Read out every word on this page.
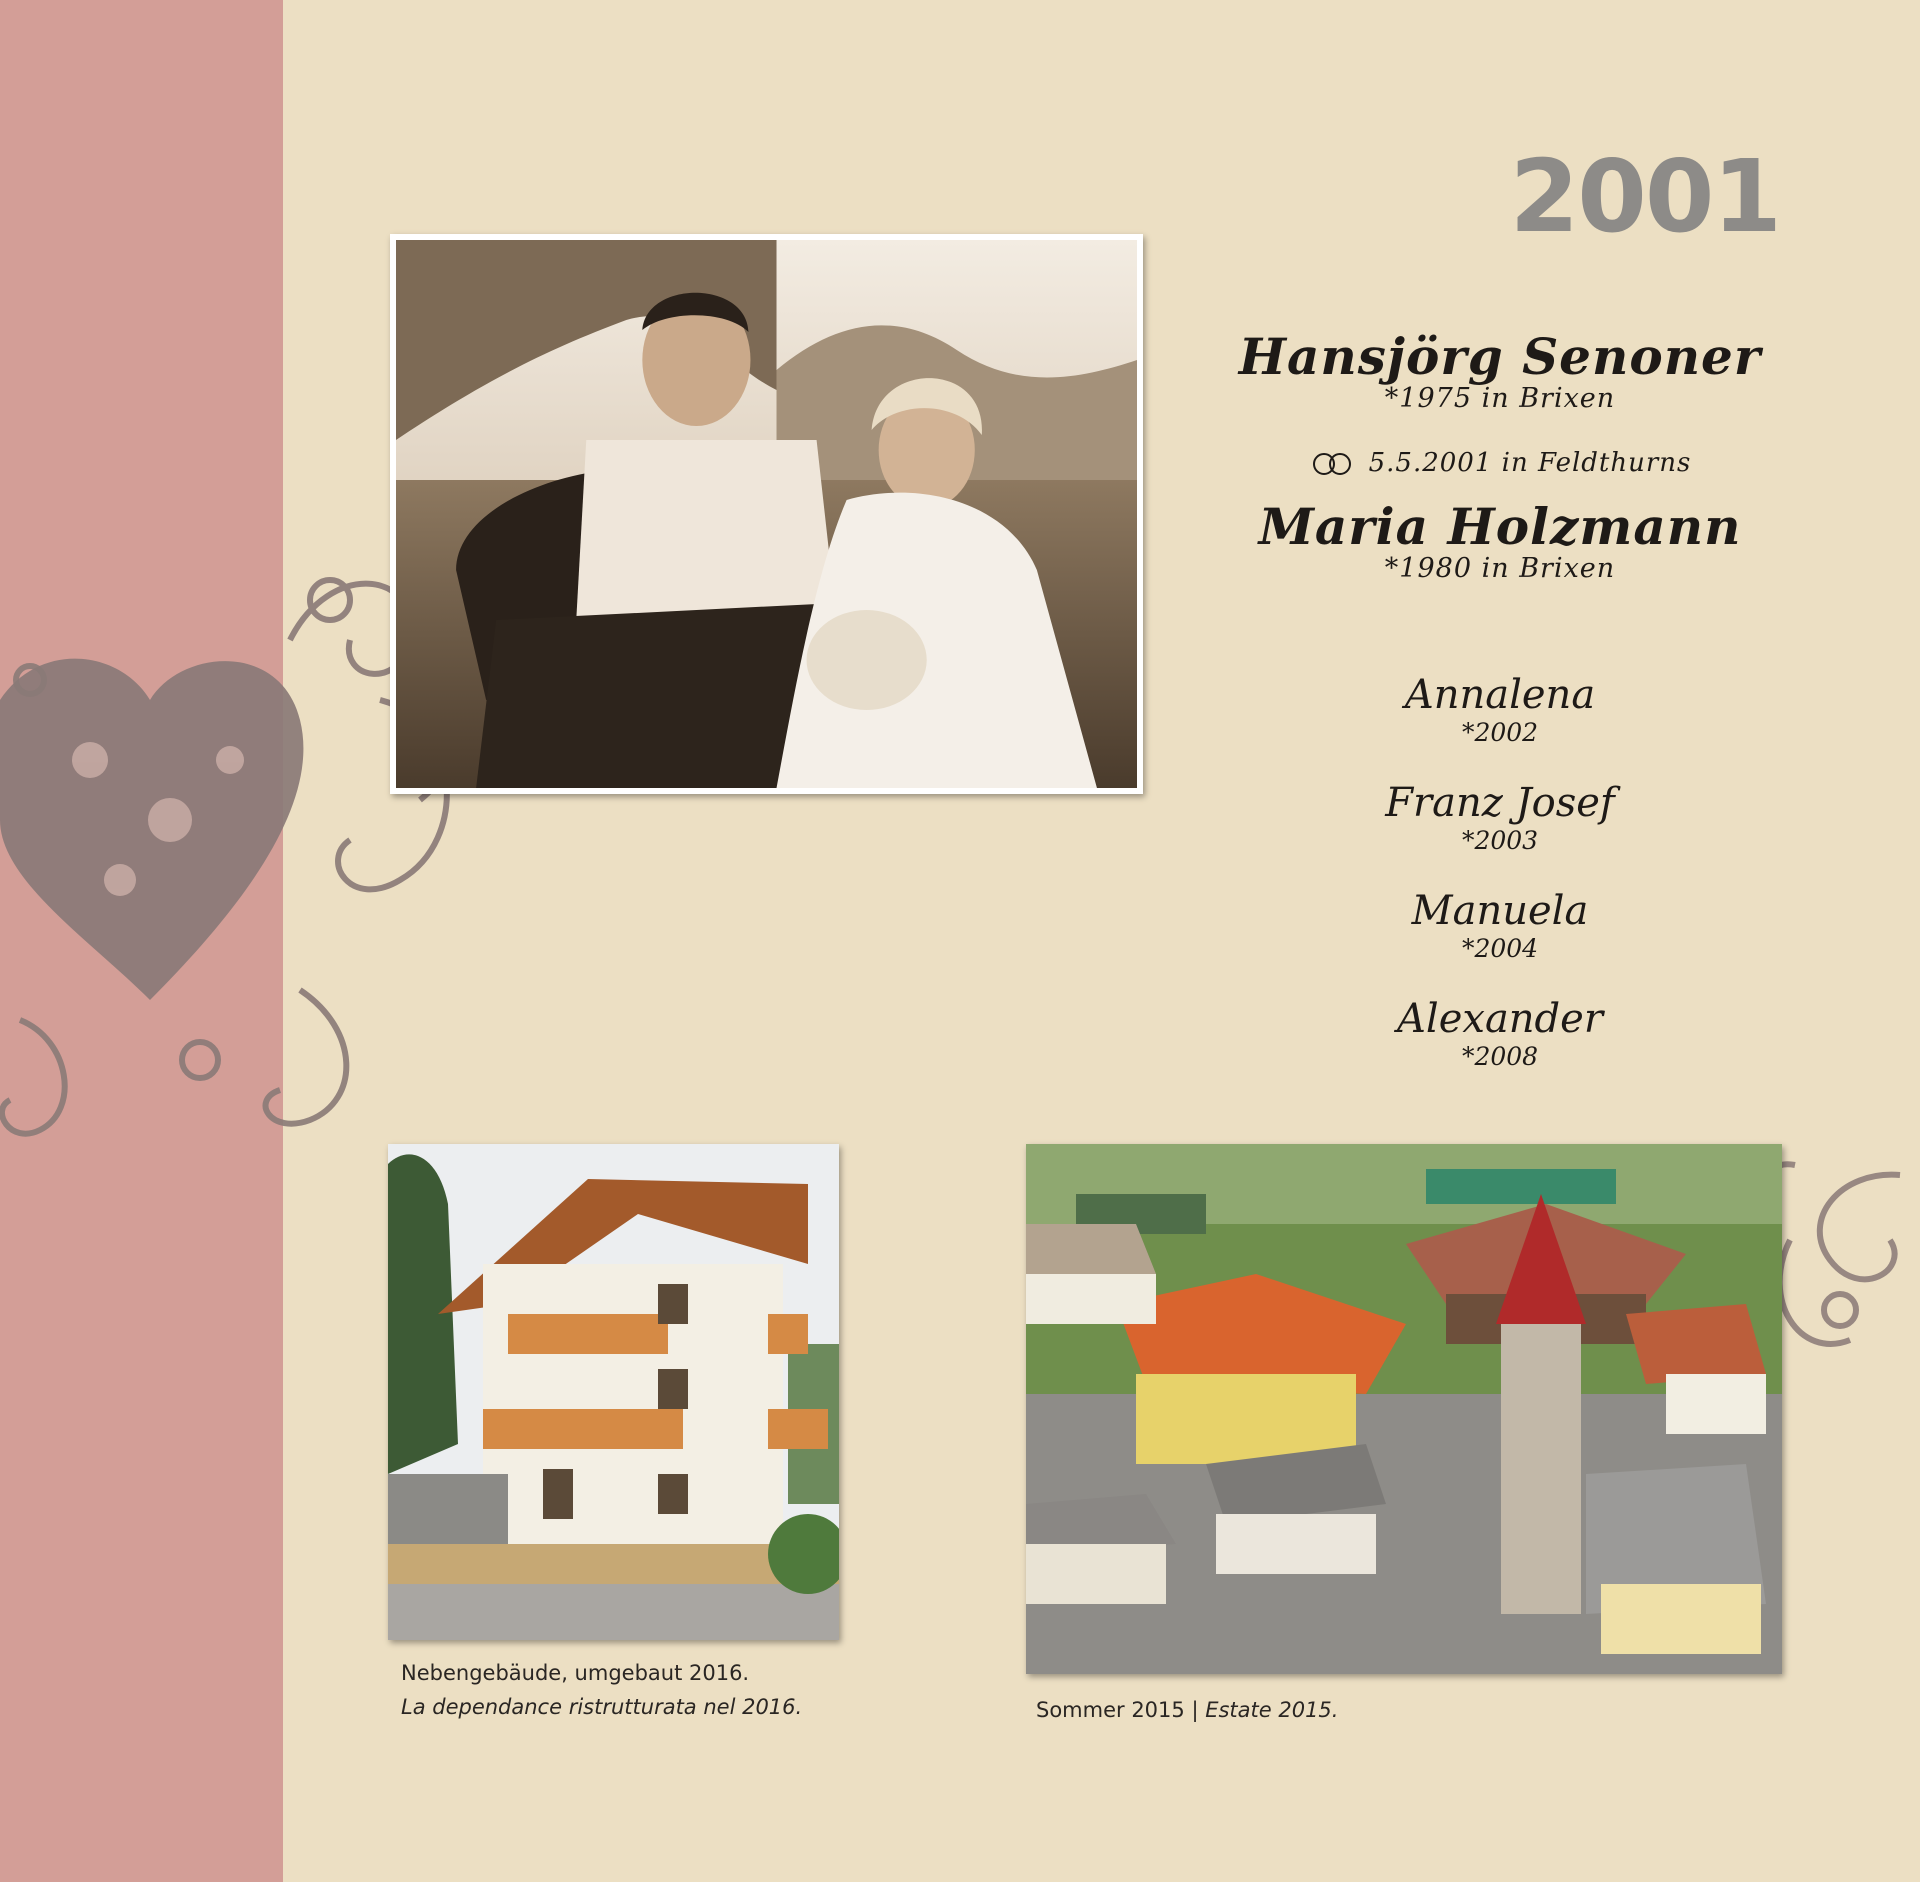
2001
Hansjörg Senoner
*1975 in Brixen
5.5.2001 in Feldthurns
Maria Holzmann
*1980 in Brixen
Annalena
*2002
Franz Josef
*2003
Manuela
*2004
Alexander
*2008
Nebengebäude, umgebaut 2016.
La dependance ristrutturata nel 2016.	Sommer 2015 | Estate 2015.
